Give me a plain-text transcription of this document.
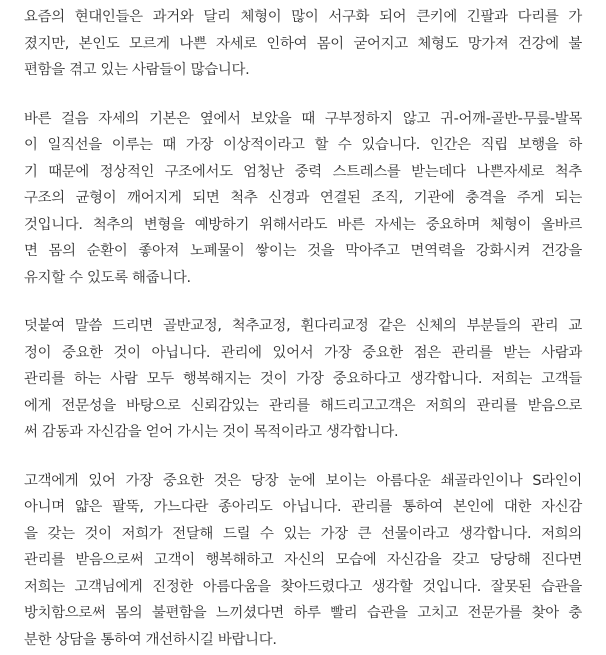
요즘의 현대인들은 과거와 달리 체형이 많이 서구화 되어 큰키에 긴팔과 다리를 가
졌지만, 본인도 모르게 나쁜 자세로 인하여 몸이 굳어지고 체형도 망가져 건강에 불
편함을 겪고 있는 사람들이 많습니다.
바른 걸음 자세의 기본은 옆에서 보았을 때 구부정하지 않고 귀-어깨-골반-무릎-발목
이 일직선을 이루는 때 가장 이상적이라고 할 수 있습니다. 인간은 직립 보행을 하
기 때문에 정상적인 구조에서도 엄청난 중력 스트레스를 받는데다 나쁜자세로 척추
구조의 균형이 깨어지게 되면 척추 신경과 연결된 조직, 기관에 충격을 주게 되는
것입니다. 척추의 변형을 예방하기 위해서라도 바른 자세는 중요하며 체형이 올바르
면 몸의 순환이 좋아져 노폐물이 쌓이는 것을 막아주고 면역력을 강화시켜 건강을
유지할 수 있도록 해줍니다.
덧붙여 말씀 드리면 골반교정, 척추교정, 휜다리교정 같은 신체의 부분들의 관리 교
정이 중요한 것이 아닙니다. 관리에 있어서 가장 중요한 점은 관리를 받는 사람과
관리를 하는 사람 모두 행복해지는 것이 가장 중요하다고 생각합니다. 저희는 고객들
에게 전문성을 바탕으로 신뢰감있는 관리를 해드리고고객은 저희의 관리를 받음으로
써 감동과 자신감을 얻어 가시는 것이 목적이라고 생각합니다.
고객에게 있어 가장 중요한 것은 당장 눈에 보이는 아름다운 쇄골라인이나 S라인이
아니며 얇은 팔뚝, 가느다란 종아리도 아닙니다. 관리를 통하여 본인에 대한 자신감
을 갖는 것이 저희가 전달해 드릴 수 있는 가장 큰 선물이라고 생각합니다. 저희의
관리를 받음으로써 고객이 행복해하고 자신의 모습에 자신감을 갖고 당당해 진다면
저희는 고객님에게 진정한 아름다움을 찾아드렸다고 생각할 것입니다. 잘못된 습관을
방치함으로써 몸의 불편함을 느끼셨다면 하루 빨리 습관을 고치고 전문가를 찾아 충
분한 상담을 통하여 개선하시길 바랍니다.
